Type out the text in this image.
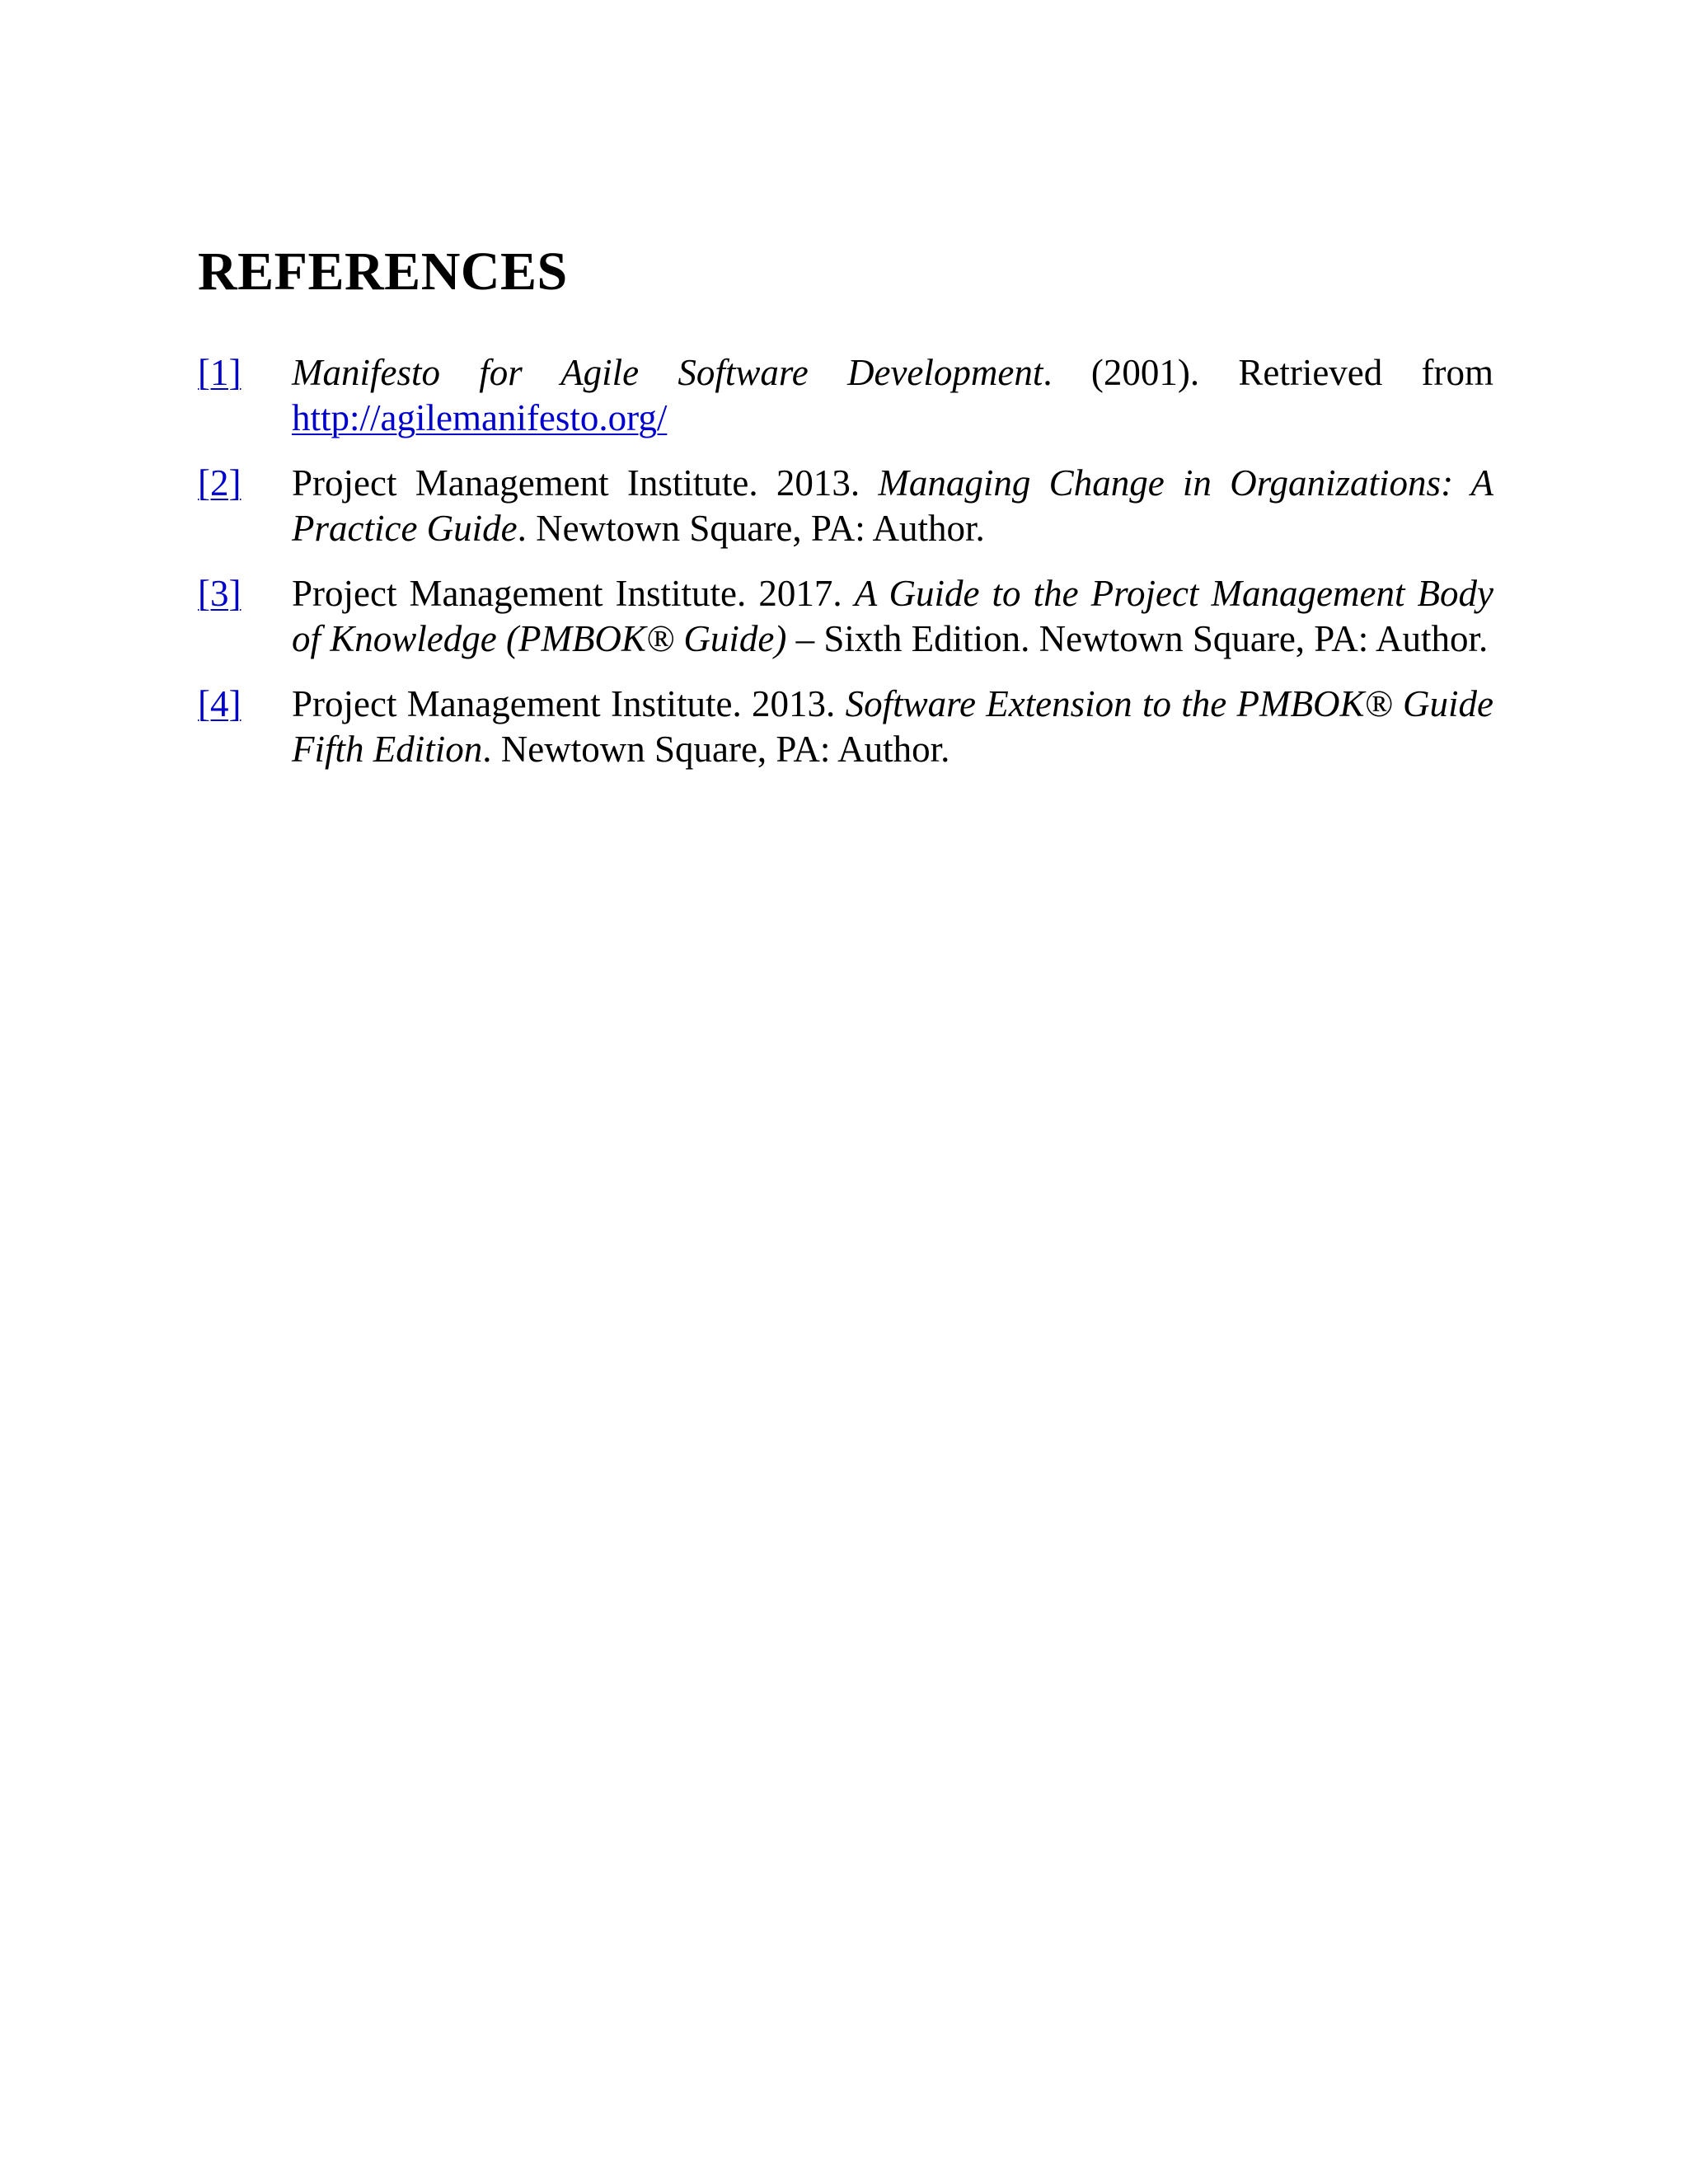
REFERENCES
[1] Manifesto for Agile Software Development. (2001). Retrieved from http://agilemanifesto.org/
[2] Project Management Institute. 2013. Managing Change in Organizations: A Practice Guide. Newtown Square, PA: Author.
[3] Project Management Institute. 2017. A Guide to the Project Management Body of Knowledge (PMBOK® Guide) – Sixth Edition. Newtown Square, PA: Author.
[4] Project Management Institute. 2013. Software Extension to the PMBOK® Guide Fifth Edition. Newtown Square, PA: Author.
